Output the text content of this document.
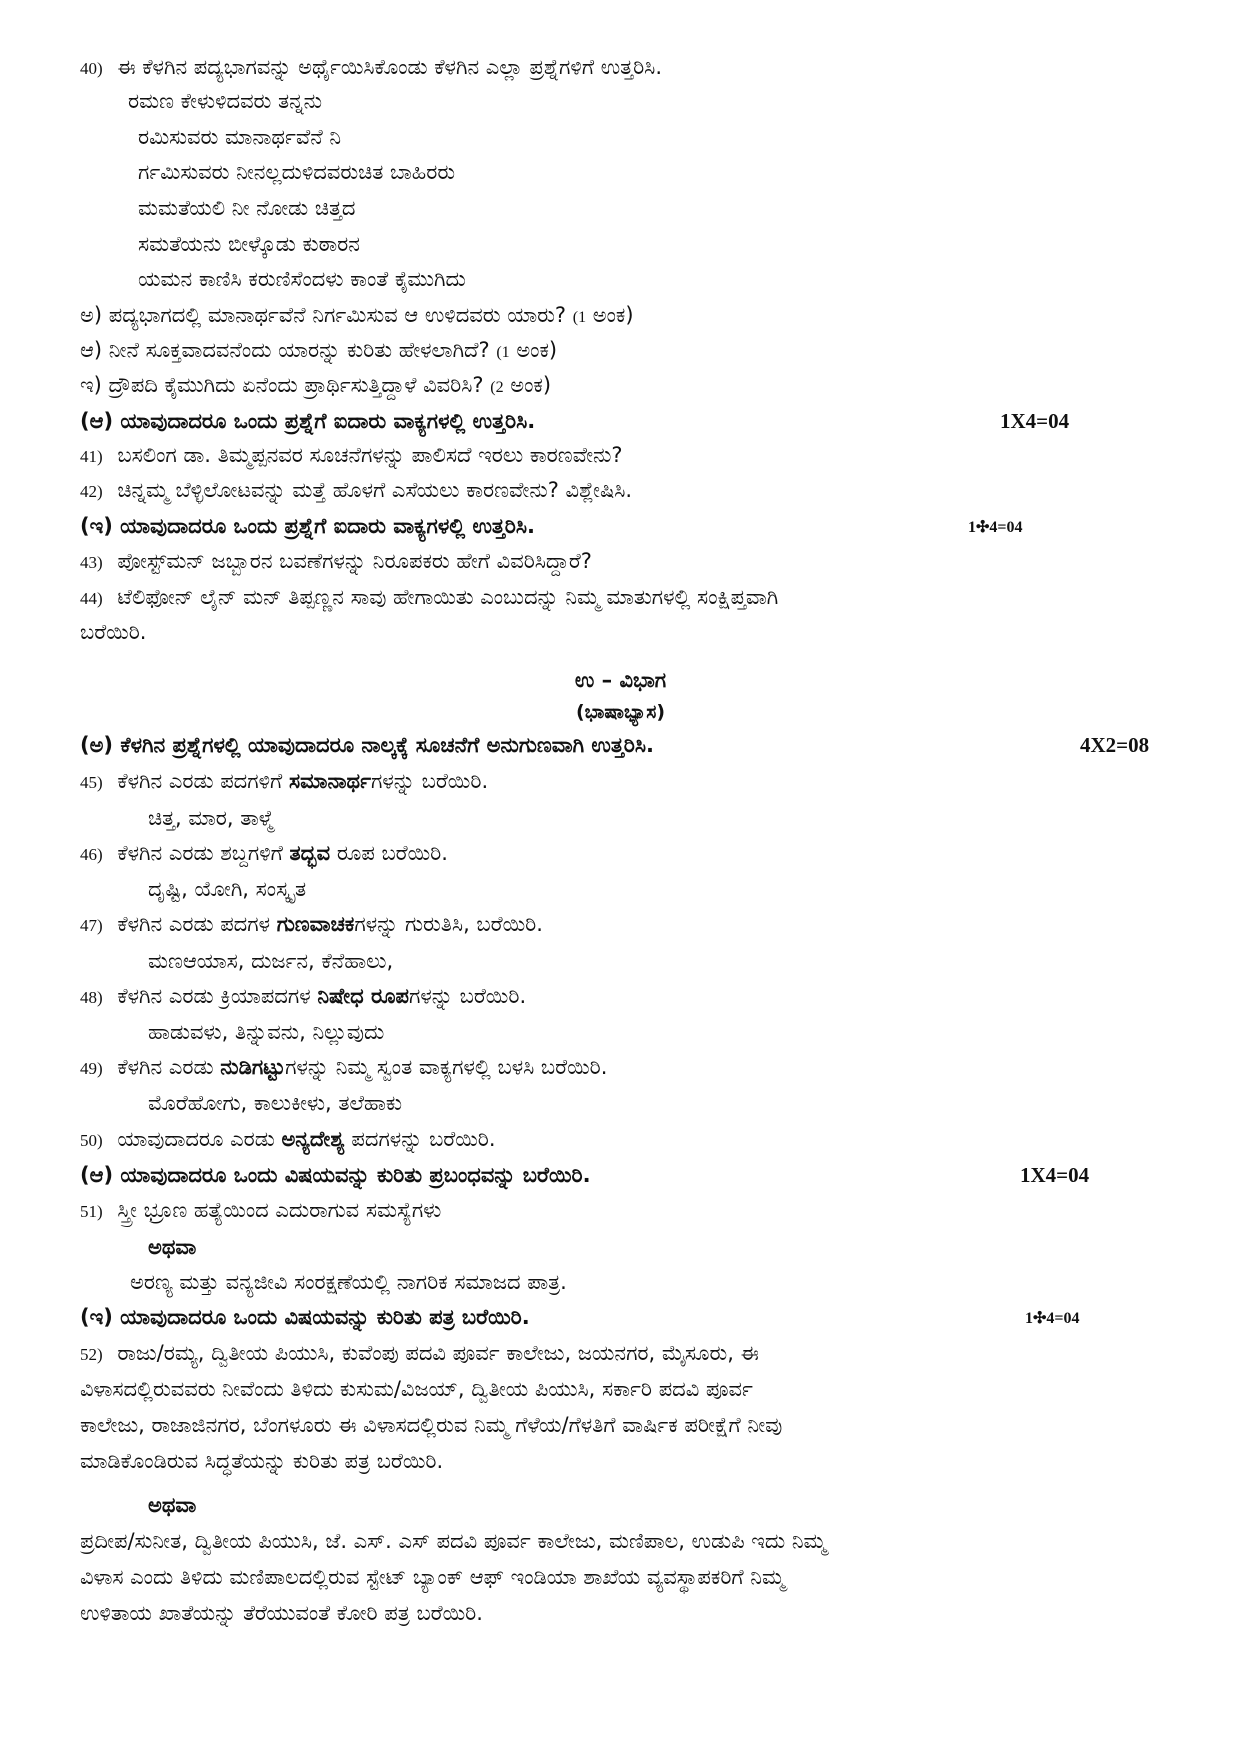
40) ಈ ಕೆಳಗಿನ ಪದ್ಯಭಾಗವನ್ನು ಅರ್ಥೈಯಿಸಿಕೊಂಡು ಕೆಳಗಿನ ಎಲ್ಲಾ ಪ್ರಶ್ನೆಗಳಿಗೆ ಉತ್ತರಿಸಿ.
ರಮಣ ಕೇಳುಳಿದವರು ತನ್ನನು
ರಮಿಸುವರು ಮಾನಾರ್ಥವೆನೆ ನಿ
ರ್ಗಮಿಸುವರು ನೀನಲ್ಲದುಳಿದವರುಚಿತ ಬಾಹಿರರು
ಮಮತೆಯಲಿ ನೀ ನೋಡು ಚಿತ್ತದ
ಸಮತೆಯನು ಬೀಳ್ಕೊಡು ಕುಠಾರನ
ಯಮನ ಕಾಣಿಸಿ ಕರುಣಿಸೆಂದಳು ಕಾಂತೆ ಕೈಮುಗಿದು
ಅ) ಪದ್ಯಭಾಗದಲ್ಲಿ ಮಾನಾರ್ಥವೆನೆ ನಿರ್ಗಮಿಸುವ ಆ ಉಳಿದವರು ಯಾರು? (1 ಅಂಕ)
ಆ) ನೀನೆ ಸೂಕ್ತವಾದವನೆಂದು ಯಾರನ್ನು ಕುರಿತು ಹೇಳಲಾಗಿದೆ? (1 ಅಂಕ)
ಇ) ದ್ರೌಪದಿ ಕೈಮುಗಿದು ಏನೆಂದು ಪ್ರಾರ್ಥಿಸುತ್ತಿದ್ದಾಳೆ ವಿವರಿಸಿ? (2 ಅಂಕ)
(ಆ) ಯಾವುದಾದರೂ ಒಂದು ಪ್ರಶ್ನೆಗೆ ಐದಾರು ವಾಕ್ಯಗಳಲ್ಲಿ ಉತ್ತರಿಸಿ.	1X4=04
41) ಬಸಲಿಂಗ ಡಾ. ತಿಮ್ಮಪ್ಪನವರ ಸೂಚನೆಗಳನ್ನು ಪಾಲಿಸದೆ ಇರಲು ಕಾರಣವೇನು?
42) ಚಿನ್ನಮ್ಮ ಬೆಳ್ಳಿಲೋಟವನ್ನು ಮತ್ತೆ ಹೊಳಗೆ ಎಸೆಯಲು ಕಾರಣವೇನು? ವಿಶ್ಲೇಷಿಸಿ.
(ಇ) ಯಾವುದಾದರೂ ಒಂದು ಪ್ರಶ್ನೆಗೆ ಐದಾರು ವಾಕ್ಯಗಳಲ್ಲಿ ಉತ್ತರಿಸಿ.	1✣4=04
43) ಪೋಸ್ಟ್‌ಮನ್ ಜಬ್ಬಾರನ ಬವಣೆಗಳನ್ನು ನಿರೂಪಕರು ಹೇಗೆ ವಿವರಿಸಿದ್ದಾರೆ?
44) ಟೆಲಿಫೋನ್ ಲೈನ್ ಮನ್ ತಿಪ್ಪಣ್ಣನ ಸಾವು ಹೇಗಾಯಿತು ಎಂಬುದನ್ನು ನಿಮ್ಮ ಮಾತುಗಳಲ್ಲಿ ಸಂಕ್ಷಿಪ್ತವಾಗಿ
ಬರೆಯಿರಿ.
ಉ – ವಿಭಾಗ
(ಭಾಷಾಭ್ಯಾಸ)
(ಅ) ಕೆಳಗಿನ ಪ್ರಶ್ನೆಗಳಲ್ಲಿ ಯಾವುದಾದರೂ ನಾಲ್ಕಕ್ಕೆ ಸೂಚನೆಗೆ ಅನುಗುಣವಾಗಿ ಉತ್ತರಿಸಿ.	4X2=08
45) ಕೆಳಗಿನ ಎರಡು ಪದಗಳಿಗೆ ಸಮಾನಾರ್ಥಗಳನ್ನು ಬರೆಯಿರಿ.
ಚಿತ್ತ, ಮಾರ, ತಾಳ್ಮೆ
46) ಕೆಳಗಿನ ಎರಡು ಶಬ್ದಗಳಿಗೆ ತದ್ಭವ ರೂಪ ಬರೆಯಿರಿ.
ದೃಷ್ಟಿ, ಯೋಗಿ, ಸಂಸ್ಕೃತ
47) ಕೆಳಗಿನ ಎರಡು ಪದಗಳ ಗುಣವಾಚಕಗಳನ್ನು ಗುರುತಿಸಿ, ಬರೆಯಿರಿ.
ಮಣಆಯಾಸ, ದುರ್ಜನ, ಕೆನೆಹಾಲು,
48) ಕೆಳಗಿನ ಎರಡು ಕ್ರಿಯಾಪದಗಳ ನಿಷೇಧ ರೂಪಗಳನ್ನು ಬರೆಯಿರಿ.
ಹಾಡುವಳು, ತಿನ್ನುವನು, ನಿಲ್ಲುವುದು
49) ಕೆಳಗಿನ ಎರಡು ನುಡಿಗಟ್ಟುಗಳನ್ನು ನಿಮ್ಮ ಸ್ವಂತ ವಾಕ್ಯಗಳಲ್ಲಿ ಬಳಸಿ ಬರೆಯಿರಿ.
ಮೊರೆಹೋಗು, ಕಾಲುಕೀಳು, ತಲೆಹಾಕು
50) ಯಾವುದಾದರೂ ಎರಡು ಅನ್ಯದೇಶ್ಯ ಪದಗಳನ್ನು ಬರೆಯಿರಿ.
(ಆ) ಯಾವುದಾದರೂ ಒಂದು ವಿಷಯವನ್ನು ಕುರಿತು ಪ್ರಬಂಧವನ್ನು ಬರೆಯಿರಿ.	1X4=04
51) ಸ್ತ್ರೀ ಭ್ರೂಣ ಹತ್ಯೆಯಿಂದ ಎದುರಾಗುವ ಸಮಸ್ಯೆಗಳು
ಅಥವಾ
ಅರಣ್ಯ ಮತ್ತು ವನ್ಯಜೀವಿ ಸಂರಕ್ಷಣೆಯಲ್ಲಿ ನಾಗರಿಕ ಸಮಾಜದ ಪಾತ್ರ.
(ಇ) ಯಾವುದಾದರೂ ಒಂದು ವಿಷಯವನ್ನು ಕುರಿತು ಪತ್ರ ಬರೆಯಿರಿ.	1✣4=04
52) ರಾಜು/ರಮ್ಯ, ದ್ವಿತೀಯ ಪಿಯುಸಿ, ಕುವೆಂಪು ಪದವಿ ಪೂರ್ವ ಕಾಲೇಜು, ಜಯನಗರ, ಮೈಸೂರು, ಈ
ವಿಳಾಸದಲ್ಲಿರುವವರು ನೀವೆಂದು ತಿಳಿದು ಕುಸುಮ/ವಿಜಯ್, ದ್ವಿತೀಯ ಪಿಯುಸಿ, ಸರ್ಕಾರಿ ಪದವಿ ಪೂರ್ವ
ಕಾಲೇಜು, ರಾಜಾಜಿನಗರ, ಬೆಂಗಳೂರು ಈ ವಿಳಾಸದಲ್ಲಿರುವ ನಿಮ್ಮ ಗೆಳೆಯ/ಗೆಳತಿಗೆ ವಾರ್ಷಿಕ ಪರೀಕ್ಷೆಗೆ ನೀವು
ಮಾಡಿಕೊಂಡಿರುವ ಸಿದ್ಧತೆಯನ್ನು ಕುರಿತು ಪತ್ರ ಬರೆಯಿರಿ.
ಅಥವಾ
ಪ್ರದೀಪ/ಸುನೀತ, ದ್ವಿತೀಯ ಪಿಯುಸಿ, ಜೆ. ಎಸ್. ಎಸ್ ಪದವಿ ಪೂರ್ವ ಕಾಲೇಜು, ಮಣಿಪಾಲ, ಉಡುಪಿ ಇದು ನಿಮ್ಮ
ವಿಳಾಸ ಎಂದು ತಿಳಿದು ಮಣಿಪಾಲದಲ್ಲಿರುವ ಸ್ಟೇಟ್ ಬ್ಯಾಂಕ್ ಆಫ್ ಇಂಡಿಯಾ ಶಾಖೆಯ ವ್ಯವಸ್ಥಾಪಕರಿಗೆ ನಿಮ್ಮ
ಉಳಿತಾಯ ಖಾತೆಯನ್ನು ತೆರೆಯುವಂತೆ ಕೋರಿ ಪತ್ರ ಬರೆಯಿರಿ.
